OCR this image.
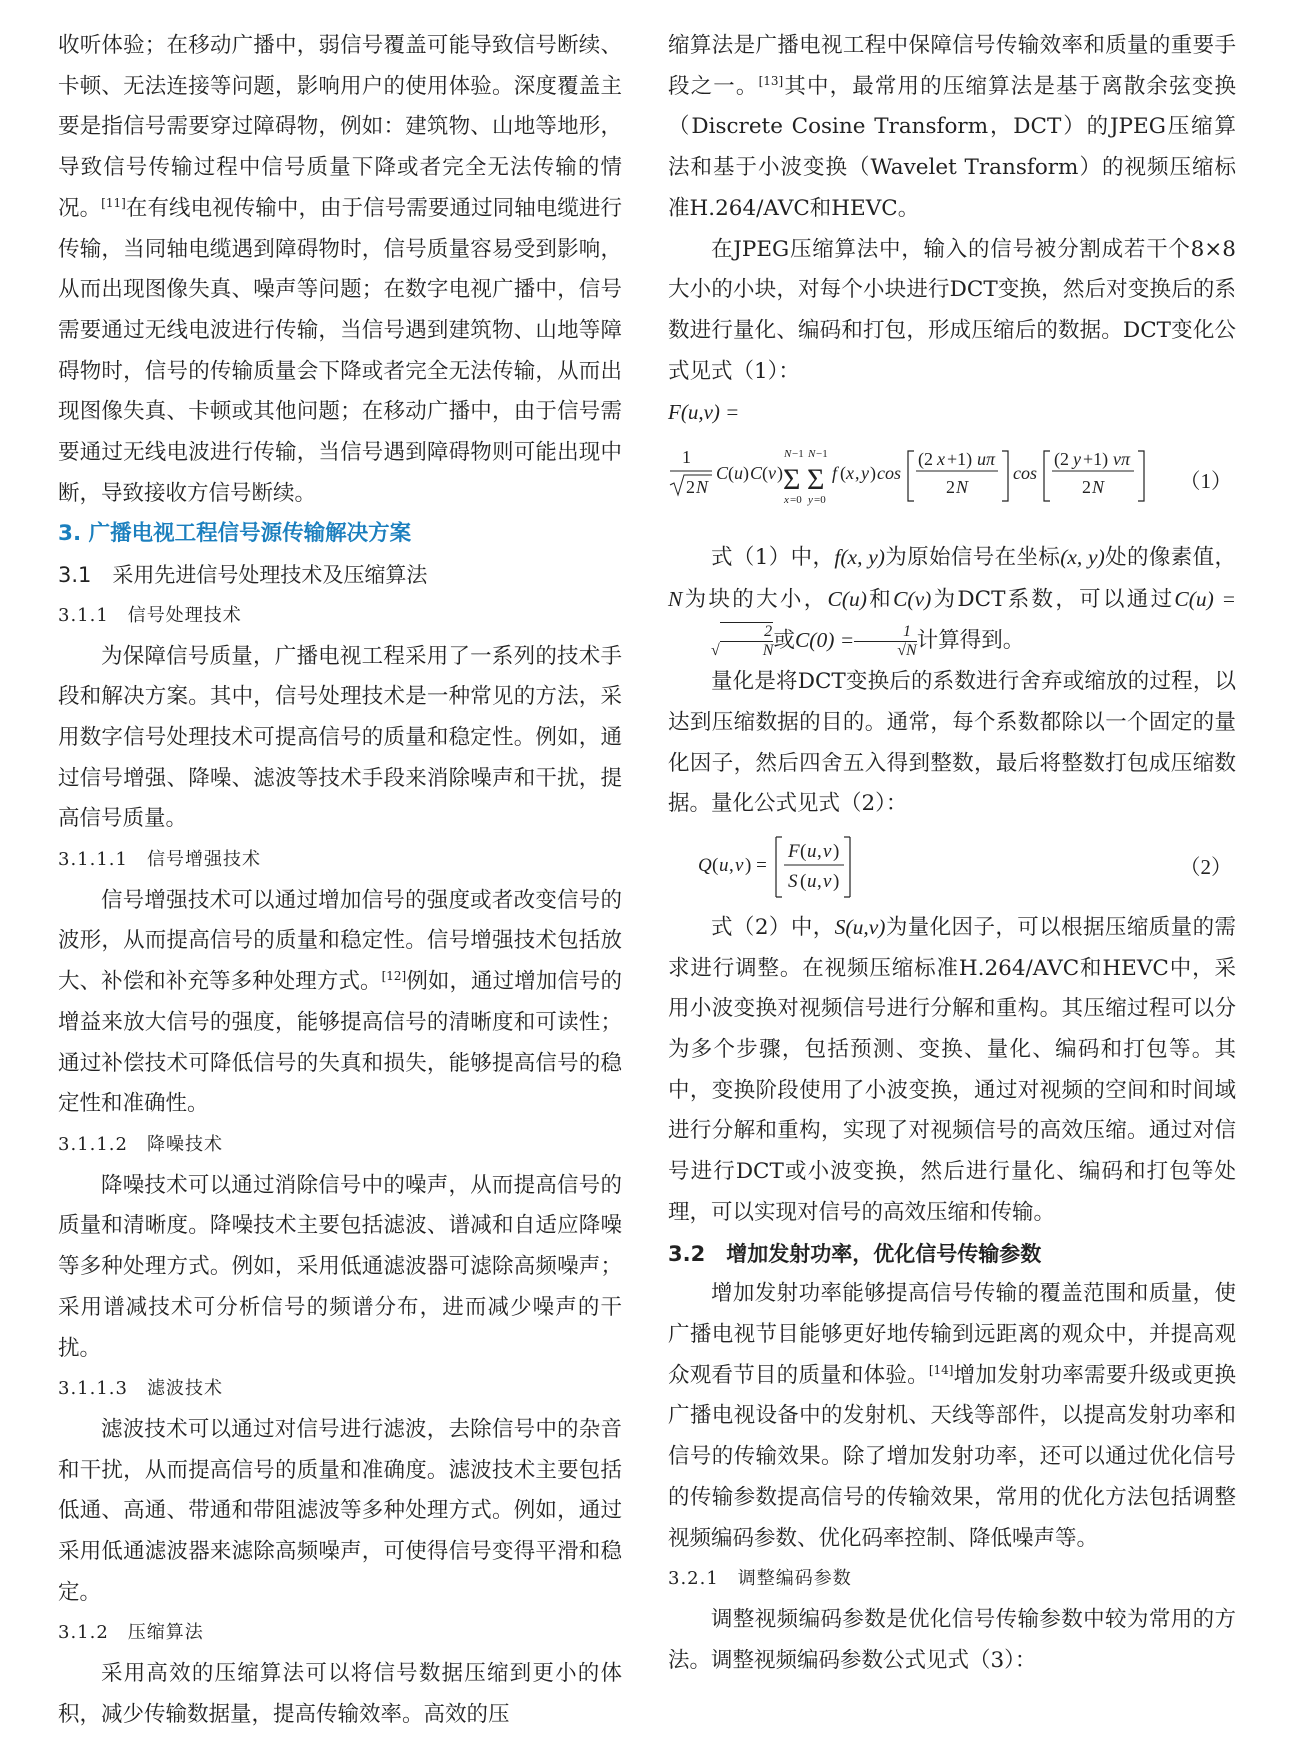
收听体验；在移动广播中，弱信号覆盖可能导致信号断续、卡顿、无法连接等问题，影响用户的使用体验。深度覆盖主要是指信号需要穿过障碍物，例如：建筑物、山地等地形，导致信号传输过程中信号质量下降或者完全无法传输的情况。[11]在有线电视传输中，由于信号需要通过同轴电缆进行传输，当同轴电缆遇到障碍物时，信号质量容易受到影响，从而出现图像失真、噪声等问题；在数字电视广播中，信号需要通过无线电波进行传输，当信号遇到建筑物、山地等障碍物时，信号的传输质量会下降或者完全无法传输，从而出现图像失真、卡顿或其他问题；在移动广播中，由于信号需要通过无线电波进行传输，当信号遇到障碍物则可能出现中断，导致接收方信号断续。

3. 广播电视工程信号源传输解决方案

3.1　采用先进信号处理技术及压缩算法

3.1.1　信号处理技术

为保障信号质量，广播电视工程采用了一系列的技术手段和解决方案。其中，信号处理技术是一种常见的方法，采用数字信号处理技术可提高信号的质量和稳定性。例如，通过信号增强、降噪、滤波等技术手段来消除噪声和干扰，提高信号质量。

3.1.1.1　信号增强技术

信号增强技术可以通过增加信号的强度或者改变信号的波形，从而提高信号的质量和稳定性。信号增强技术包括放大、补偿和补充等多种处理方式。[12]例如，通过增加信号的增益来放大信号的强度，能够提高信号的清晰度和可读性；通过补偿技术可降低信号的失真和损失，能够提高信号的稳定性和准确性。

3.1.1.2　降噪技术

降噪技术可以通过消除信号中的噪声，从而提高信号的质量和清晰度。降噪技术主要包括滤波、谱减和自适应降噪等多种处理方式。例如，采用低通滤波器可滤除高频噪声；采用谱减技术可分析信号的频谱分布，进而减少噪声的干扰。

3.1.1.3　滤波技术

滤波技术可以通过对信号进行滤波，去除信号中的杂音和干扰，从而提高信号的质量和准确度。滤波技术主要包括低通、高通、带通和带阻滤波等多种处理方式。例如，通过采用低通滤波器来滤除高频噪声，可使得信号变得平滑和稳定。

3.1.2　压缩算法

采用高效的压缩算法可以将信号数据压缩到更小的体积，减少传输数据量，提高传输效率。高效的压

缩算法是广播电视工程中保障信号传输效率和质量的重要手段之一。[13]其中，最常用的压缩算法是基于离散余弦变换（Discrete Cosine Transform，DCT）的JPEG压缩算法和基于小波变换（Wavelet Transform）的视频压缩标准H.264/AVC和HEVC。

在JPEG压缩算法中，输入的信号被分割成若干个8×8大小的小块，对每个小块进行DCT变换，然后对变换后的系数进行量化、编码和打包，形成压缩后的数据。DCT变化公式见式（1）：

F(u,v) =

1
2 N
C ( u ) C ( v )
N −1
Σ
x =0
N −1
Σ
y =0
f ( x , y ) cos
(2 x +1) uπ
2 N
cos
(2 y +1) vπ
2 N	（1）

式（1）中，f(x, y)为原始信号在坐标(x, y)处的像素值，N为块的大小，C(u)和C(v)为DCT系数，可以通过C(u) =√ $\frac{2}{N}$ 或$C(0) = \frac{1}{√N}$ 计算得到。

量化是将DCT变换后的系数进行舍弃或缩放的过程，以达到压缩数据的目的。通常，每个系数都除以一个固定的量化因子，然后四舍五入得到整数，最后将整数打包成压缩数据。量化公式见式（2）：

Q ( u , v ) =
F ( u , v )
S ( u , v )
（2）

式（2）中，S(u,v)为量化因子，可以根据压缩质量的需求进行调整。在视频压缩标准H.264/AVC和HEVC中，采用小波变换对视频信号进行分解和重构。其压缩过程可以分为多个步骤，包括预测、变换、量化、编码和打包等。其中，变换阶段使用了小波变换，通过对视频的空间和时间域进行分解和重构，实现了对视频信号的高效压缩。通过对信号进行DCT或小波变换，然后进行量化、编码和打包等处理，可以实现对信号的高效压缩和传输。

3.2　增加发射功率，优化信号传输参数

增加发射功率能够提高信号传输的覆盖范围和质量，使广播电视节目能够更好地传输到远距离的观众中，并提高观众观看节目的质量和体验。[14]增加发射功率需要升级或更换广播电视设备中的发射机、天线等部件，以提高发射功率和信号的传输效果。除了增加发射功率，还可以通过优化信号的传输参数提高信号的传输效果，常用的优化方法包括调整视频编码参数、优化码率控制、降低噪声等。

3.2.1　调整编码参数

调整视频编码参数是优化信号传输参数中较为常用的方法。调整视频编码参数公式见式（3）：
